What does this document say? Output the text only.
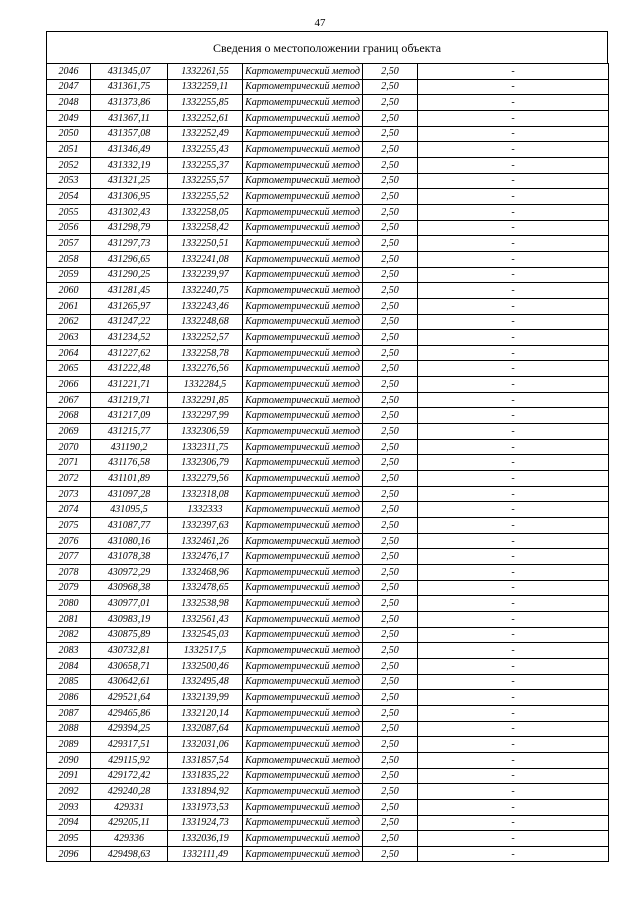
47
Сведения о местоположении границ объекта
2046	431345,07	1332261,55	Картометрический метод	2,50	-
2047	431361,75	1332259,11	Картометрический метод	2,50	-
2048	431373,86	1332255,85	Картометрический метод	2,50	-
2049	431367,11	1332252,61	Картометрический метод	2,50	-
2050	431357,08	1332252,49	Картометрический метод	2,50	-
2051	431346,49	1332255,43	Картометрический метод	2,50	-
2052	431332,19	1332255,37	Картометрический метод	2,50	-
2053	431321,25	1332255,57	Картометрический метод	2,50	-
2054	431306,95	1332255,52	Картометрический метод	2,50	-
2055	431302,43	1332258,05	Картометрический метод	2,50	-
2056	431298,79	1332258,42	Картометрический метод	2,50	-
2057	431297,73	1332250,51	Картометрический метод	2,50	-
2058	431296,65	1332241,08	Картометрический метод	2,50	-
2059	431290,25	1332239,97	Картометрический метод	2,50	-
2060	431281,45	1332240,75	Картометрический метод	2,50	-
2061	431265,97	1332243,46	Картометрический метод	2,50	-
2062	431247,22	1332248,68	Картометрический метод	2,50	-
2063	431234,52	1332252,57	Картометрический метод	2,50	-
2064	431227,62	1332258,78	Картометрический метод	2,50	-
2065	431222,48	1332276,56	Картометрический метод	2,50	-
2066	431221,71	1332284,5	Картометрический метод	2,50	-
2067	431219,71	1332291,85	Картометрический метод	2,50	-
2068	431217,09	1332297,99	Картометрический метод	2,50	-
2069	431215,77	1332306,59	Картометрический метод	2,50	-
2070	431190,2	1332311,75	Картометрический метод	2,50	-
2071	431176,58	1332306,79	Картометрический метод	2,50	-
2072	431101,89	1332279,56	Картометрический метод	2,50	-
2073	431097,28	1332318,08	Картометрический метод	2,50	-
2074	431095,5	1332333	Картометрический метод	2,50	-
2075	431087,77	1332397,63	Картометрический метод	2,50	-
2076	431080,16	1332461,26	Картометрический метод	2,50	-
2077	431078,38	1332476,17	Картометрический метод	2,50	-
2078	430972,29	1332468,96	Картометрический метод	2,50	-
2079	430968,38	1332478,65	Картометрический метод	2,50	-
2080	430977,01	1332538,98	Картометрический метод	2,50	-
2081	430983,19	1332561,43	Картометрический метод	2,50	-
2082	430875,89	1332545,03	Картометрический метод	2,50	-
2083	430732,81	1332517,5	Картометрический метод	2,50	-
2084	430658,71	1332500,46	Картометрический метод	2,50	-
2085	430642,61	1332495,48	Картометрический метод	2,50	-
2086	429521,64	1332139,99	Картометрический метод	2,50	-
2087	429465,86	1332120,14	Картометрический метод	2,50	-
2088	429394,25	1332087,64	Картометрический метод	2,50	-
2089	429317,51	1332031,06	Картометрический метод	2,50	-
2090	429115,92	1331857,54	Картометрический метод	2,50	-
2091	429172,42	1331835,22	Картометрический метод	2,50	-
2092	429240,28	1331894,92	Картометрический метод	2,50	-
2093	429331	1331973,53	Картометрический метод	2,50	-
2094	429205,11	1331924,73	Картометрический метод	2,50	-
2095	429336	1332036,19	Картометрический метод	2,50	-
2096	429498,63	1332111,49	Картометрический метод	2,50	-
